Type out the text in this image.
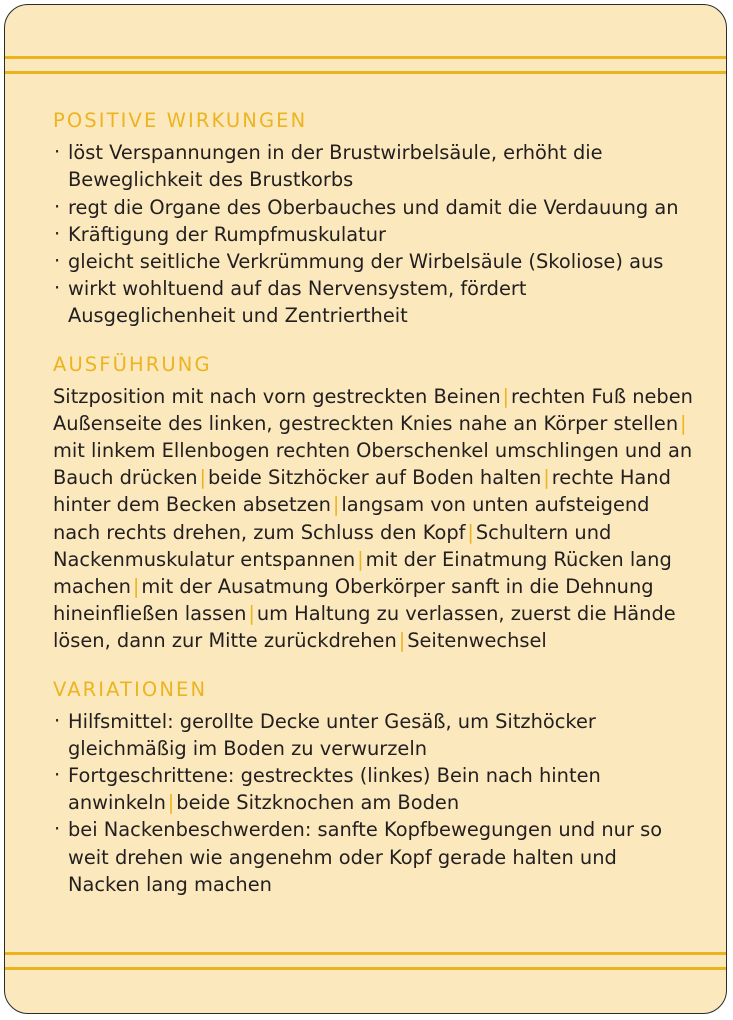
POSITIVE WIRKUNGEN
· löst Verspannungen in der Brustwirbelsäule, erhöht die Beweglichkeit des Brustkorbs
· regt die Organe des Oberbauches und damit die Verdauung an
· Kräftigung der Rumpfmuskulatur
· gleicht seitliche Verkrümmung der Wirbelsäule (Skoliose) aus
· wirkt wohltuend auf das Nervensystem, fördert Ausgeglichenheit und Zentriertheit
AUSFÜHRUNG

Sitzposition mit nach vorn gestreckten Beinen | rechten Fuß neben Außenseite des linken, gestreckten Knies nahe an Körper stellen | mit linkem Ellenbogen rechten Oberschenkel umschlingen und an Bauch drücken | beide Sitzhöcker auf Boden halten | rechte Hand hinter dem Becken absetzen | langsam von unten aufsteigend nach rechts drehen, zum Schluss den Kopf | Schultern und Nackenmuskulatur entspannen | mit der Einatmung Rücken lang machen | mit der Ausatmung Oberkörper sanft in die Dehnung hineinfließen lassen | um Haltung zu verlassen, zuerst die Hände lösen, dann zur Mitte zurückdrehen | Seitenwechsel

VARIATIONEN
· Hilfsmittel: gerollte Decke unter Gesäß, um Sitzhöcker gleichmäßig im Boden zu verwurzeln
· Fortgeschrittene: gestrecktes (linkes) Bein nach hinten anwinkeln | beide Sitzknochen am Boden
· bei Nackenbeschwerden: sanfte Kopfbewegungen und nur so weit drehen wie angenehm oder Kopf gerade halten und Nacken lang machen
